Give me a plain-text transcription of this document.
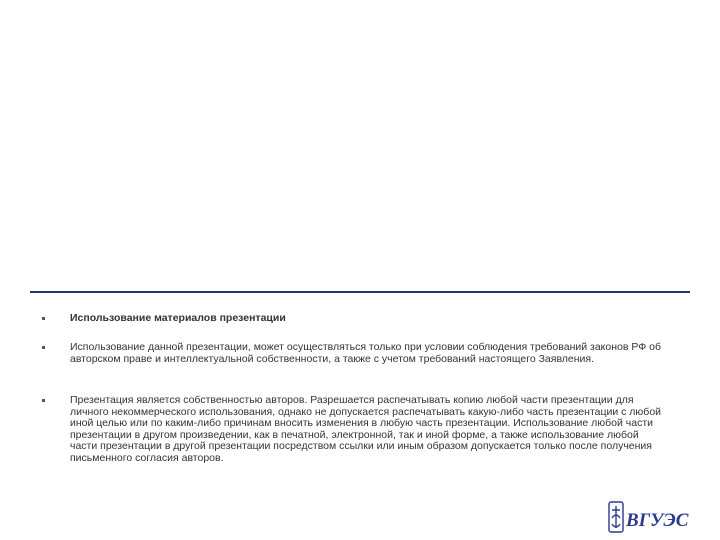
Использование материалов презентации
Использование данной презентации, может осуществляться только при условии соблюдения требований законов РФ об авторском праве и интеллектуальной собственности, а также с учетом требований настоящего Заявления.
Презентация является собственностью авторов. Разрешается распечатывать копию любой части презентации для личного некоммерческого использования, однако не допускается распечатывать какую-либо часть презентации с любой иной целью или по каким-либо причинам вносить изменения в любую часть презентации. Использование любой части презентации в другом произведении, как в печатной, электронной, так и иной форме, а также использование любой части презентации в другой презентации посредством ссылки или иным образом допускается только после получения письменного согласия авторов.
ВГУЭС
